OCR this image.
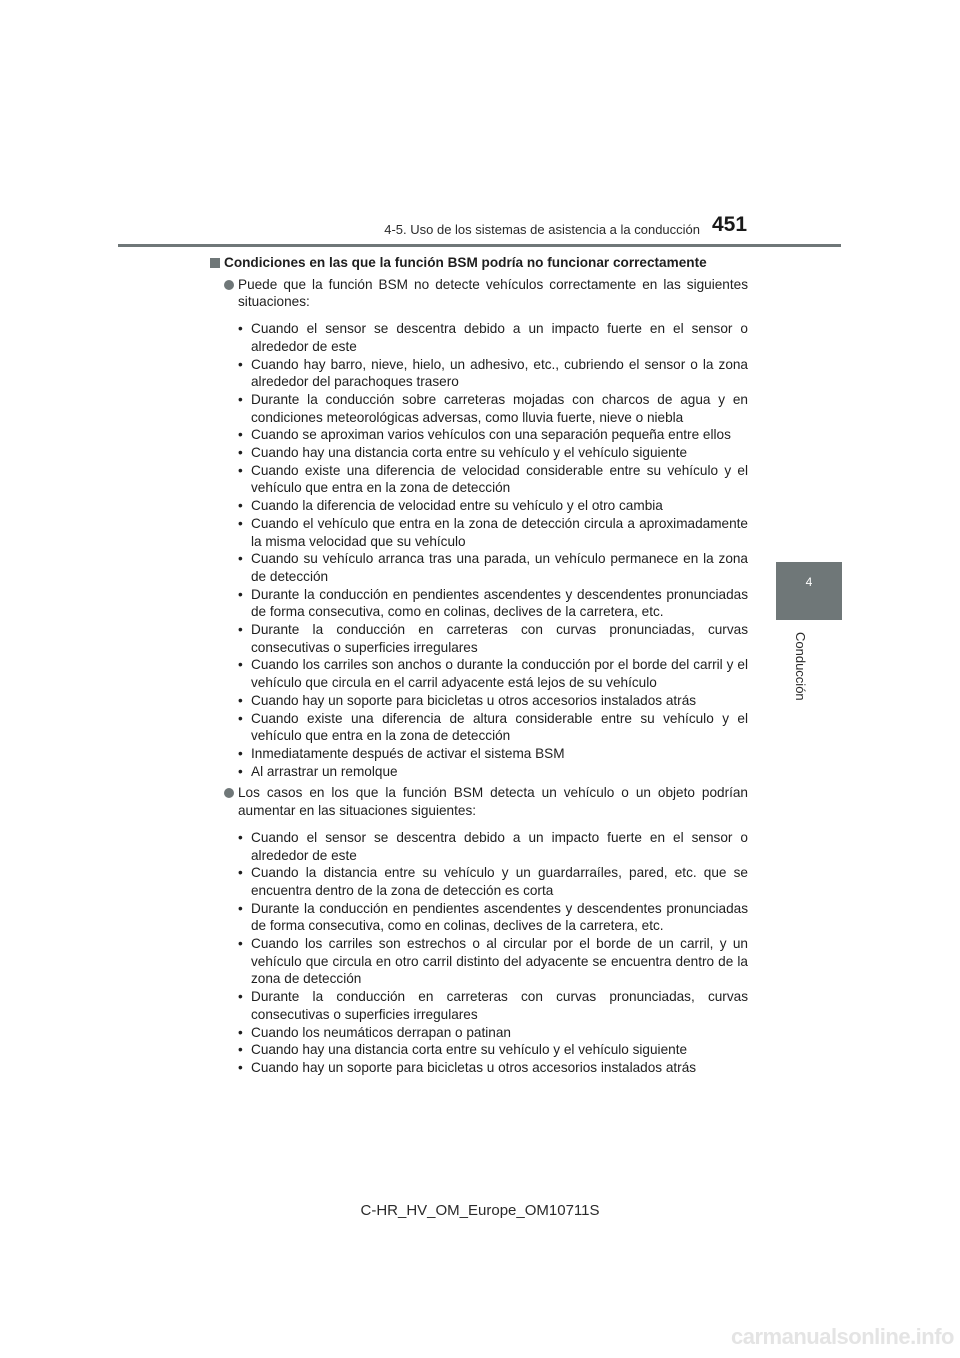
4-5. Uso de los sistemas de asistencia a la conducción 451
4
Conducción
Condiciones en las que la función BSM podría no funcionar correctamente
Puede que la función BSM no detecte vehículos correctamente en las siguientes situaciones:
• Cuando el sensor se descentra debido a un impacto fuerte en el sensor o alrededor de este
• Cuando hay barro, nieve, hielo, un adhesivo, etc., cubriendo el sensor o la zona alrededor del parachoques trasero
• Durante la conducción sobre carreteras mojadas con charcos de agua y en condiciones meteorológicas adversas, como lluvia fuerte, nieve o niebla
• Cuando se aproximan varios vehículos con una separación pequeña entre ellos
• Cuando hay una distancia corta entre su vehículo y el vehículo siguiente
• Cuando existe una diferencia de velocidad considerable entre su vehículo y el vehículo que entra en la zona de detección
• Cuando la diferencia de velocidad entre su vehículo y el otro cambia
• Cuando el vehículo que entra en la zona de detección circula a aproximadamente la misma velocidad que su vehículo
• Cuando su vehículo arranca tras una parada, un vehículo permanece en la zona de detección
• Durante la conducción en pendientes ascendentes y descendentes pronunciadas de forma consecutiva, como en colinas, declives de la carretera, etc.
• Durante la conducción en carreteras con curvas pronunciadas, curvas consecutivas o superficies irregulares
• Cuando los carriles son anchos o durante la conducción por el borde del carril y el vehículo que circula en el carril adyacente está lejos de su vehículo
• Cuando hay un soporte para bicicletas u otros accesorios instalados atrás
• Cuando existe una diferencia de altura considerable entre su vehículo y el vehículo que entra en la zona de detección
• Inmediatamente después de activar el sistema BSM
• Al arrastrar un remolque
Los casos en los que la función BSM detecta un vehículo o un objeto podrían aumentar en las situaciones siguientes:
• Cuando el sensor se descentra debido a un impacto fuerte en el sensor o alrededor de este
• Cuando la distancia entre su vehículo y un guardarraíles, pared, etc. que se encuentra dentro de la zona de detección es corta
• Durante la conducción en pendientes ascendentes y descendentes pronunciadas de forma consecutiva, como en colinas, declives de la carretera, etc.
• Cuando los carriles son estrechos o al circular por el borde de un carril, y un vehículo que circula en otro carril distinto del adyacente se encuentra dentro de la zona de detección
• Durante la conducción en carreteras con curvas pronunciadas, curvas consecutivas o superficies irregulares
• Cuando los neumáticos derrapan o patinan
• Cuando hay una distancia corta entre su vehículo y el vehículo siguiente
• Cuando hay un soporte para bicicletas u otros accesorios instalados atrás
C-HR_HV_OM_Europe_OM10711S
carmanualsonline.info
